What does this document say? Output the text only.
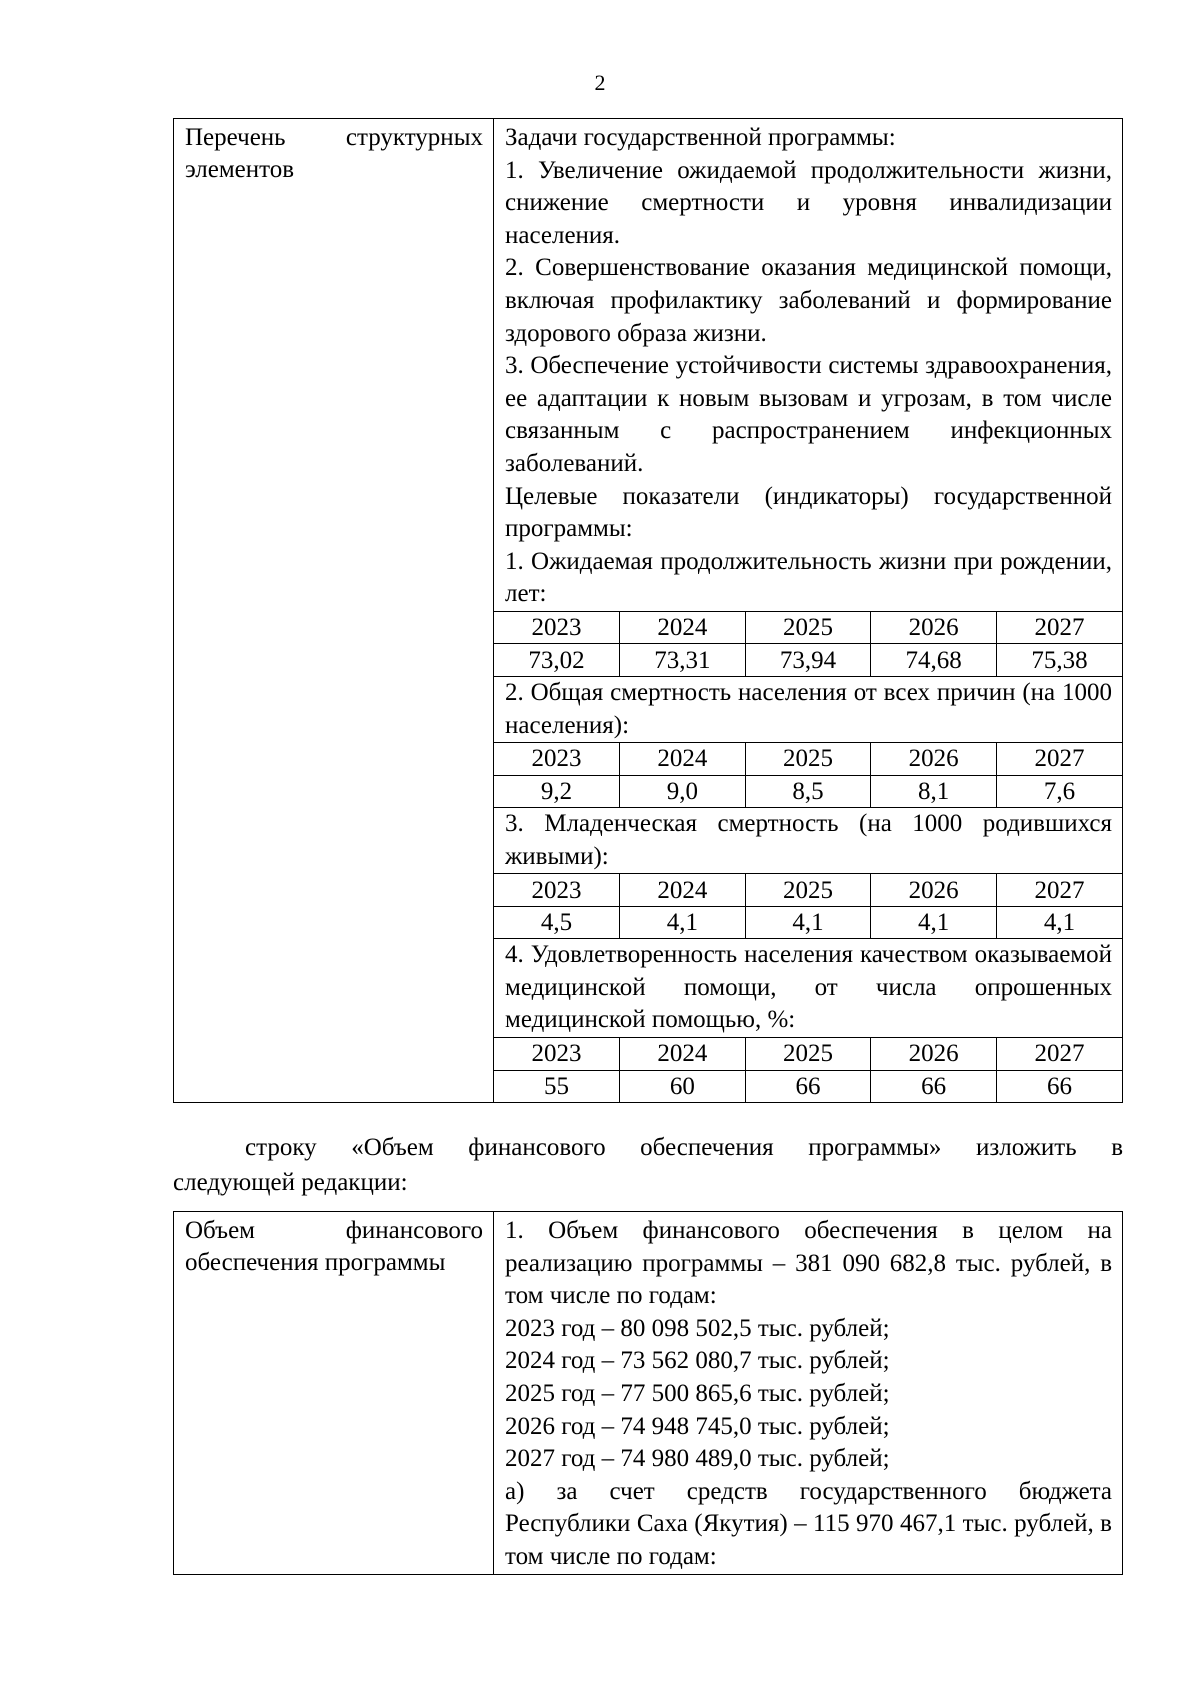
2
Перечень структурных
элементов

Задачи государственной программы:

1. Увеличение ожидаемой продолжительности жизни, снижение смертности и уровня инвалидизации населения.

2. Совершенствование оказания медицинской помощи, включая профилактику заболеваний и формирование здорового образа жизни.

3. Обеспечение устойчивости системы здравоохранения, ее адаптации к новым вызовам и угрозам, в том числе связанным с распространением инфекционных заболеваний.

Целевые показатели (индикаторы) государственной программы:

1. Ожидаемая продолжительность жизни при рождении, лет:

2023	2024	2025	2026	2027
73,02	73,31	73,94	74,68	75,38

2. Общая смертность населения от всех причин (на 1000 населения):

2023	2024	2025	2026	2027
9,2	9,0	8,5	8,1	7,6

3. Младенческая смертность (на 1000 родившихся живыми):

2023	2024	2025	2026	2027
4,5	4,1	4,1	4,1	4,1

4. Удовлетворенность населения качеством оказываемой медицинской помощи, от числа опрошенных медицинской помощью, %:

2023	2024	2025	2026	2027
55	60	66	66	66
строку «Объем финансового обеспечения программы» изложить в
следующей редакции:
Объем финансового
обеспечения программы

1. Объем финансового обеспечения в целом на реализацию программы – 381 090 682,8 тыс. рублей, в том числе по годам:

2023 год – 80 098 502,5 тыс. рублей;

2024 год – 73 562 080,7 тыс. рублей;

2025 год – 77 500 865,6 тыс. рублей;

2026 год – 74 948 745,0 тыс. рублей;

2027 год – 74 980 489,0 тыс. рублей;

а) за счет средств государственного бюджета Республики Саха (Якутия) – 115 970 467,1 тыс. рублей, в том числе по годам:
